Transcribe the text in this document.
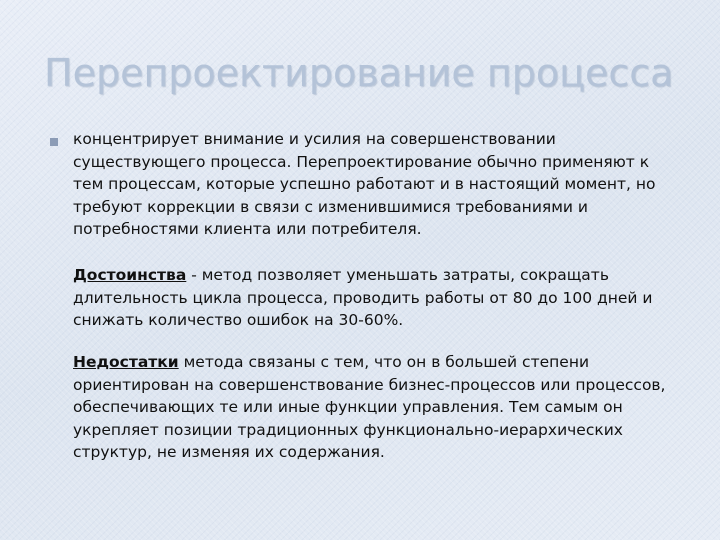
Перепроектирование процесса

концентрирует внимание и усилия на совершенствовании существующего процесса. Перепроектирование обычно применяют к тем процессам, которые успешно работают и в настоящий момент, но требуют коррекции в связи с изменившимися требованиями и потребностями клиента или потребителя.

Достоинства - метод позволяет уменьшать затраты, сокращать длительность цикла процесса, проводить работы от 80 до 100 дней и снижать количество ошибок на 30-60%.

Недостатки метода связаны с тем, что он в большей степени ориентирован на совершенствование бизнес-процессов или процессов, обеспечивающих те или иные функции управления. Тем самым он укрепляет позиции традиционных функционально-иерархических структур, не изменяя их содержания.
